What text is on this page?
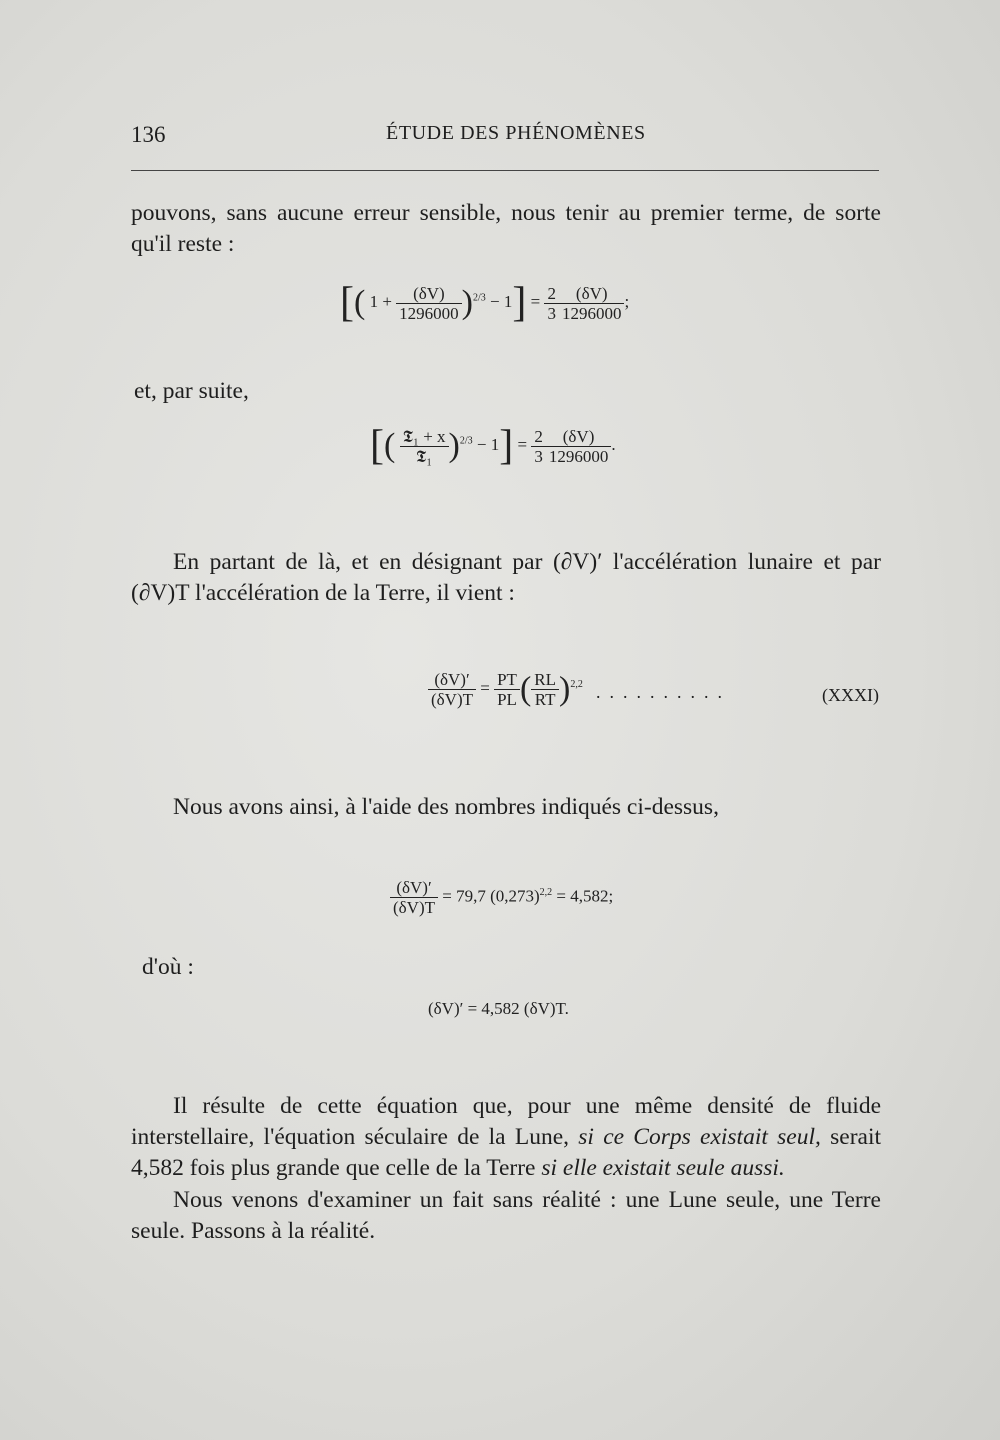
136	ÉTUDE DES PHÉNOMÈNES
pouvons, sans aucune erreur sensible, nous tenir au premier terme, de sorte qu'il reste :
[( $1 + \frac{(\delta V)}{1296000} )^{2/3} - 1] = \frac{2}{3} \frac{(\delta V)}{1296000}$ ;
et, par suite,
[( $\frac{\text{𝕿₁ + x}}{\text{𝕿₁}} )^{2/3} - 1] = \frac{2}{3} \frac{(\delta V)}{1296000}$ .
En partant de là, et en désignant par (∂V)′ l'accélération lunaire et par (∂V)T l'accélération de la Terre, il vient :
$\frac{(\delta V)'}{(\delta V)T} = \frac{PT}{PL}$ ( $\frac{RL}{RT} )^{2,2}$ ..........	(XXXI)
Nous avons ainsi, à l'aide des nombres indiqués ci-dessus,
$\frac{(\delta V)'}{(\delta V)T} = 79,7$ $(0,273)^{2,2} = 4,582$;
d'où :
(δV)′ = 4,582 (δV)T.
Il résulte de cette équation que, pour une même densité de fluide interstellaire, l'équation séculaire de la Lune, si ce Corps existait seul, serait 4,582 fois plus grande que celle de la Terre si elle existait seule aussi.
Nous venons d'examiner un fait sans réalité : une Lune seule, une Terre seule. Passons à la réalité.
